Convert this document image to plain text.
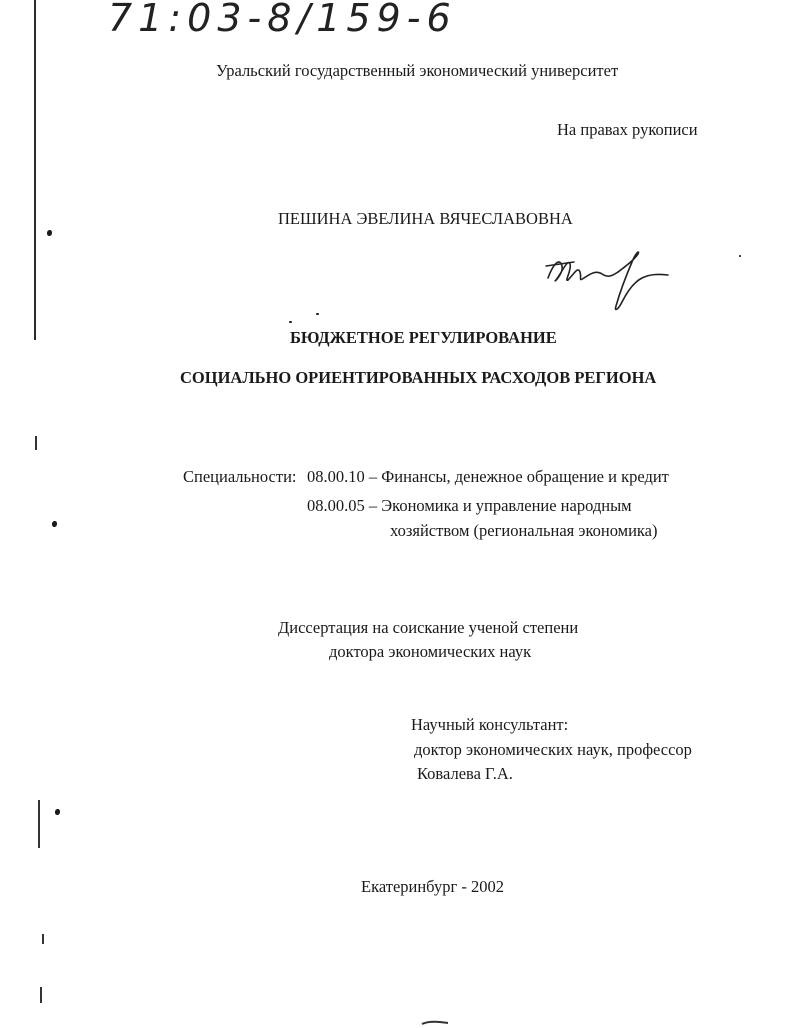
71:03-8/159-6
Уральский государственный экономический университет
На правах рукописи
ПЕШИНА ЭВЕЛИНА ВЯЧЕСЛАВОВНА
БЮДЖЕТНОЕ РЕГУЛИРОВАНИЕ
СОЦИАЛЬНО ОРИЕНТИРОВАННЫХ РАСХОДОВ РЕГИОНА
Специальности: 08.00.10 – Финансы, денежное обращение и кредит
08.00.05 – Экономика и управление народным
хозяйством (региональная экономика)
Диссертация на соискание ученой степени
доктора экономических наук
Научный консультант:
доктор экономических наук, профессор
Ковалева Г.А.
Екатеринбург - 2002
